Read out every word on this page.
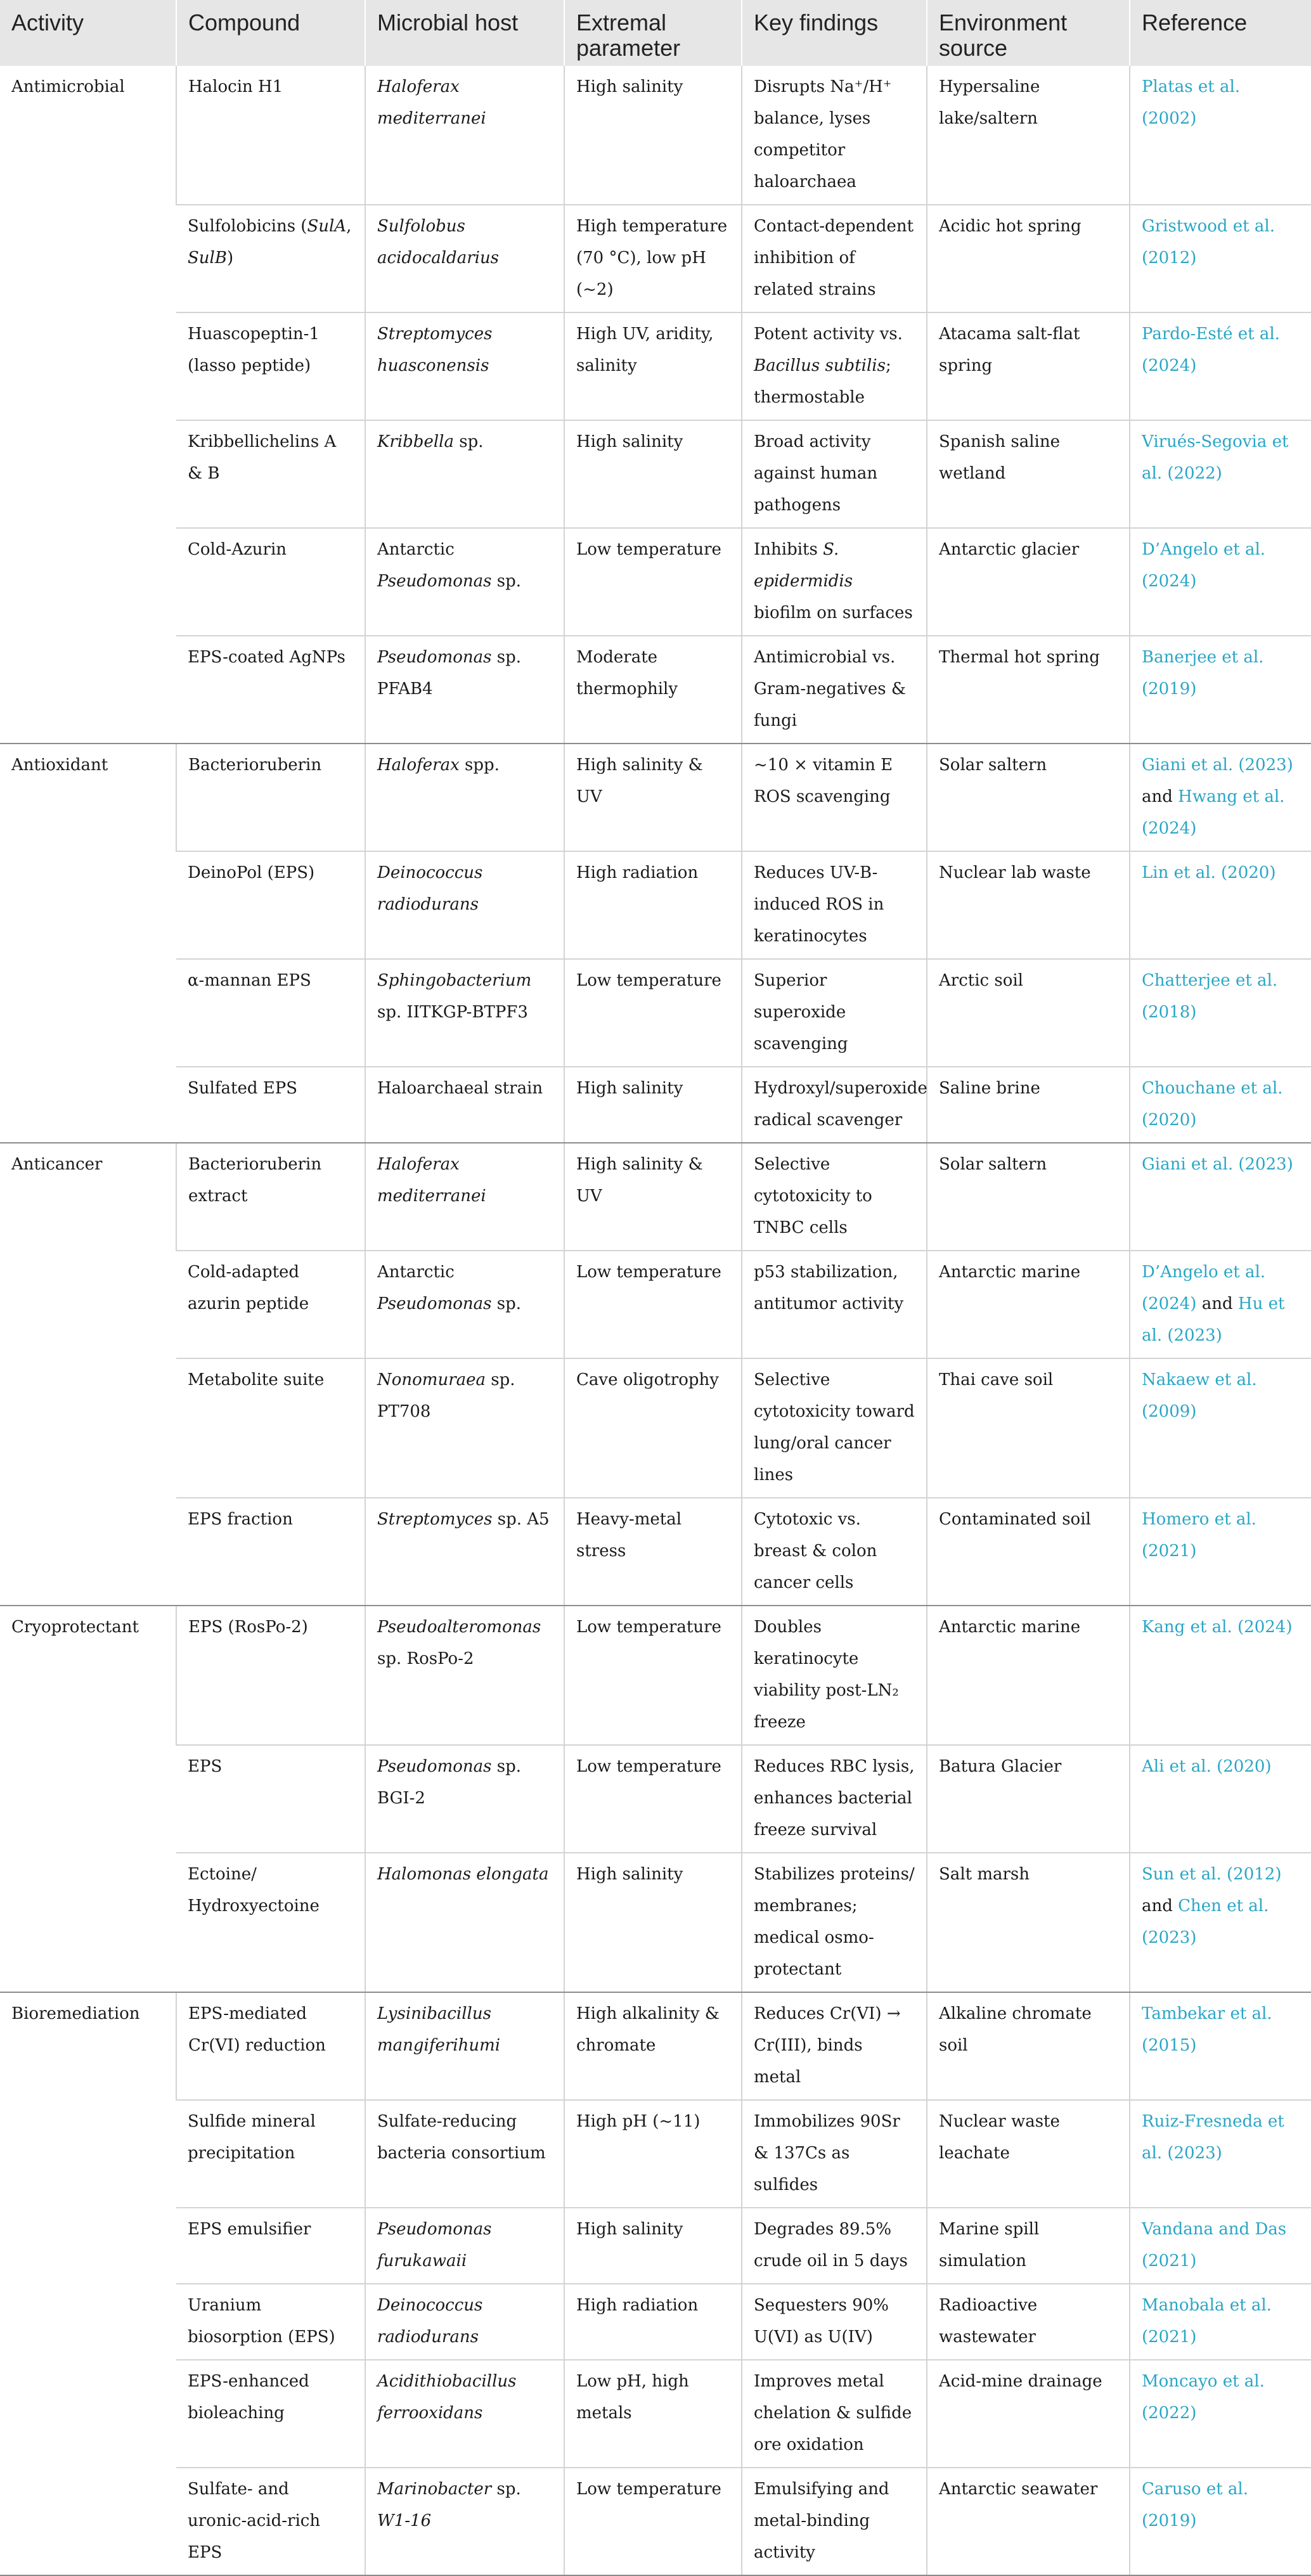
Activity	Compound	Microbial host	Extremal parameter	Key findings	Environment source	Reference
Antimicrobial	Halocin H1	Haloferax mediterranei	High salinity	Disrupts Na⁺/H⁺ balance, lyses competitor haloarchaea	Hypersaline lake/saltern	Platas et al. (2002)
	Sulfolobicins (SulA, SulB)	Sulfolobus acidocaldarius	High temperature (70 °C), low pH (~2)	Contact-dependent inhibition of related strains	Acidic hot spring	Gristwood et al. (2012)
	Huascopeptin-1 (lasso peptide)	Streptomyces huasconensis	High UV, aridity, salinity	Potent activity vs. Bacillus subtilis; thermostable	Atacama salt-flat spring	Pardo-Esté et al. (2024)
	Kribbellichelins A & B	Kribbella sp.	High salinity	Broad activity against human pathogens	Spanish saline wetland	Virués-Segovia et al. (2022)
	Cold-Azurin	Antarctic Pseudomonas sp.	Low temperature	Inhibits S. epidermidis biofilm on surfaces	Antarctic glacier	D’Angelo et al. (2024)
	EPS-coated AgNPs	Pseudomonas sp. PFAB4	Moderate thermophily	Antimicrobial vs. Gram-negatives & fungi	Thermal hot spring	Banerjee et al. (2019)
Antioxidant	Bacterioruberin	Haloferax spp.	High salinity & UV	~10 × vitamin E ROS scavenging	Solar saltern	Giani et al. (2023) and Hwang et al. (2024)
	DeinoPol (EPS)	Deinococcus radiodurans	High radiation	Reduces UV-B-induced ROS in keratinocytes	Nuclear lab waste	Lin et al. (2020)
	α-mannan EPS	Sphingobacterium sp. IITKGP-BTPF3	Low temperature	Superior superoxide scavenging	Arctic soil	Chatterjee et al. (2018)
	Sulfated EPS	Haloarchaeal strain	High salinity	Hydroxyl/superoxide radical scavenger	Saline brine	Chouchane et al. (2020)
Anticancer	Bacterioruberin extract	Haloferax mediterranei	High salinity & UV	Selective cytotoxicity to TNBC cells	Solar saltern	Giani et al. (2023)
	Cold-adapted azurin peptide	Antarctic Pseudomonas sp.	Low temperature	p53 stabilization, antitumor activity	Antarctic marine	D’Angelo et al. (2024) and Hu et al. (2023)
	Metabolite suite	Nonomuraea sp. PT708	Cave oligotrophy	Selective cytotoxicity toward lung/oral cancer lines	Thai cave soil	Nakaew et al. (2009)
	EPS fraction	Streptomyces sp. A5	Heavy-metal stress	Cytotoxic vs. breast & colon cancer cells	Contaminated soil	Homero et al. (2021)
Cryoprotectant	EPS (RosPo-2)	Pseudoalteromonas sp. RosPo-2	Low temperature	Doubles keratinocyte viability post-LN₂ freeze	Antarctic marine	Kang et al. (2024)
	EPS	Pseudomonas sp. BGI-2	Low temperature	Reduces RBC lysis, enhances bacterial freeze survival	Batura Glacier	Ali et al. (2020)
	Ectoine/ Hydroxyectoine	Halomonas elongata	High salinity	Stabilizes proteins/ membranes; medical osmo-protectant	Salt marsh	Sun et al. (2012) and Chen et al. (2023)
Bioremediation	EPS-mediated Cr(VI) reduction	Lysinibacillus mangiferihumi	High alkalinity & chromate	Reduces Cr(VI) → Cr(III), binds metal	Alkaline chromate soil	Tambekar et al. (2015)
	Sulfide mineral precipitation	Sulfate-reducing bacteria consortium	High pH (~11)	Immobilizes 90Sr & 137Cs as sulfides	Nuclear waste leachate	Ruiz-Fresneda et al. (2023)
	EPS emulsifier	Pseudomonas furukawaii	High salinity	Degrades 89.5% crude oil in 5 days	Marine spill simulation	Vandana and Das (2021)
	Uranium biosorption (EPS)	Deinococcus radiodurans	High radiation	Sequesters 90% U(VI) as U(IV)	Radioactive wastewater	Manobala et al. (2021)
	EPS-enhanced bioleaching	Acidithiobacillus ferrooxidans	Low pH, high metals	Improves metal chelation & sulfide ore oxidation	Acid-mine drainage	Moncayo et al. (2022)
	Sulfate- and uronic-acid-rich EPS	Marinobacter sp. W1-16	Low temperature	Emulsifying and metal-binding activity	Antarctic seawater	Caruso et al. (2019)
